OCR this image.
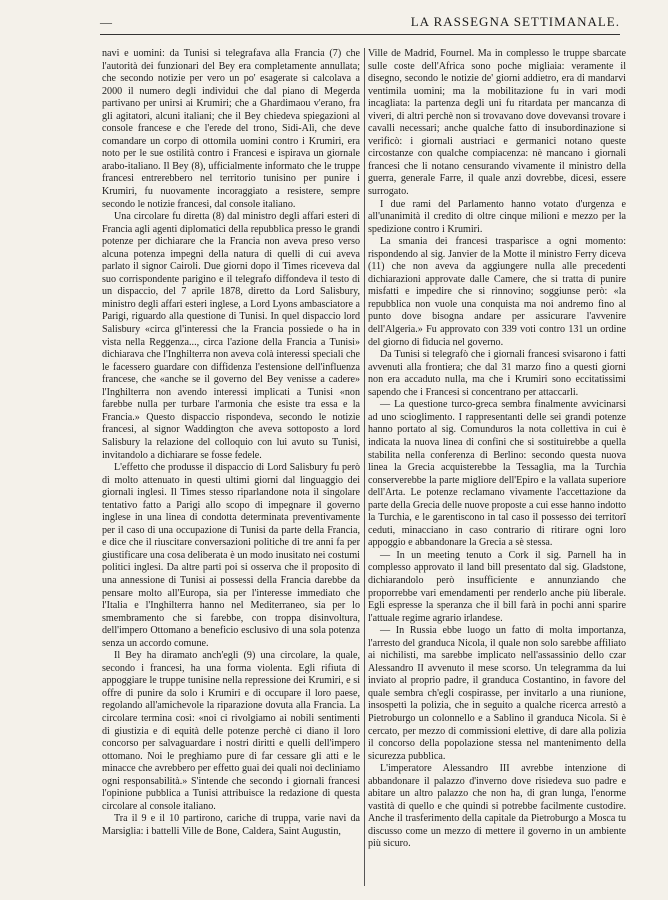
—	LA RASSEGNA SETTIMANALE.

navi e uomini: da Tunisi si telegrafava alla Francia (7) che l'autorità dei funzionari del Bey era completamente annullata; che secondo notizie per vero un po' esagerate si calcolava a 2000 il numero degli individui che dal piano di Megerda partivano per unirsi ai Krumiri; che a Ghardimaou v'erano, fra gli agitatori, alcuni italiani; che il Bey chiedeva spiegazioni al console francese e che l'erede del trono, Sidi-Alì, che deve comandare un corpo di ottomila uomini contro i Krumiri, era noto per le sue ostilità contro i Francesi e ispirava un giornale arabo-italiano. Il Bey (8), ufficialmente informato che le truppe francesi entrerebbero nel territorio tunisino per punire i Krumiri, fu nuovamente incoraggiato a resistere, sempre secondo le notizie francesi, dal console italiano.

Una circolare fu diretta (8) dal ministro degli affari esteri di Francia agli agenti diplomatici della repubblica presso le grandi potenze per dichiarare che la Francia non aveva preso verso alcuna potenza impegni della natura di quelli di cui aveva parlato il signor Cairoli. Due giorni dopo il Times riceveva dal suo corrispondente parigino e il telegrafo diffondeva il testo di un dispaccio, del 7 aprile 1878, diretto da Lord Salisbury, ministro degli affari esteri inglese, a Lord Lyons ambasciatore a Parigi, riguardo alla questione di Tunisi. In quel dispaccio lord Salisbury «circa gl'interessi che la Francia possiede o ha in vista nella Reggenza..., circa l'azione della Francia a Tunisi» dichiarava che l'Inghilterra non aveva colà interessi speciali che le facessero guardare con diffidenza l'estensione dell'influenza francese, che «anche se il governo del Bey venisse a cadere» l'Inghilterra non avendo interessi implicati a Tunisi «non farebbe nulla per turbare l'armonia che esiste tra essa e la Francia.» Questo dispaccio rispondeva, secondo le notizie francesi, al signor Waddington che aveva sottoposto a lord Salisbury la relazione del colloquio con lui avuto su Tunisi, invitandolo a dichiarare se fosse fedele.

L'effetto che produsse il dispaccio di Lord Salisbury fu però di molto attenuato in questi ultimi giorni dal linguaggio dei giornali inglesi. Il Times stesso riparlandone nota il singolare tentativo fatto a Parigi allo scopo di impegnare il governo inglese in una linea di condotta determinata preventivamente per il caso di una occupazione di Tunisi da parte della Francia, e dice che il riuscitare conversazioni politiche di tre anni fa per giustificare una cosa deliberata è un modo inusitato nei costumi politici inglesi. Da altre parti poi si osserva che il proposito di una annessione di Tunisi ai possessi della Francia darebbe da pensare molto all'Europa, sia per l'interesse immediato che l'Italia e l'Inghilterra hanno nel Mediterraneo, sia per lo smembramento che si farebbe, con troppa disinvoltura, dell'impero Ottomano a beneficio esclusivo di una sola potenza senza un accordo comune.

Il Bey ha diramato anch'egli (9) una circolare, la quale, secondo i francesi, ha una forma violenta. Egli rifiuta di appoggiare le truppe tunisine nella repressione dei Krumiri, e si offre di punire da solo i Krumiri e di occupare il loro paese, regolando all'amichevole la riparazione dovuta alla Francia. La circolare termina così: «noi ci rivolgiamo ai nobili sentimenti di giustizia e di equità delle potenze perchè ci diano il loro concorso per salvaguardare i nostri diritti e quelli dell'impero ottomano. Noi le preghiamo pure di far cessare gli atti e le minacce che avrebbero per effetto guai dei quali noi decliniamo ogni responsabilità.» S'intende che secondo i giornali francesi l'opinione pubblica a Tunisi attribuisce la redazione di questa circolare al console italiano.

Tra il 9 e il 10 partirono, cariche di truppa, varie navi da Marsiglia: i battelli Ville de Bone, Caldera, Saint Augustin,

Ville de Madrid, Fournel. Ma in complesso le truppe sbarcate sulle coste dell'Africa sono poche migliaia: veramente il disegno, secondo le notizie de' giorni addietro, era di mandarvi ventimila uomini; ma la mobilitazione fu in vari modi incagliata: la partenza degli uni fu ritardata per mancanza di viveri, di altri perchè non si trovavano dove dovevansi trovare i cavalli necessari; anche qualche fatto di insubordinazione si verificò: i giornali austriaci e germanici notano queste circostanze con qualche compiacenza: nè mancano i giornali francesi che li notano censurando vivamente il ministro della guerra, generale Farre, il quale anzi dovrebbe, dicesi, essere surrogato.

I due rami del Parlamento hanno votato d'urgenza e all'unanimità il credito di oltre cinque milioni e mezzo per la spedizione contro i Krumiri.

La smania dei francesi trasparisce a ogni momento: rispondendo al sig. Janvier de la Motte il ministro Ferry diceva (11) che non aveva da aggiungere nulla alle precedenti dichiarazioni approvate dalle Camere, che si tratta di punire misfatti e impedire che si rinnovino; soggiunse però: «la repubblica non vuole una conquista ma noi andremo fino al punto dove bisogna andare per assicurare l'avvenire dell'Algeria.» Fu approvato con 339 voti contro 131 un ordine del giorno di fiducia nel governo.

Da Tunisi si telegrafò che i giornali francesi svisarono i fatti avvenuti alla frontiera; che dal 31 marzo fino a questi giorni non era accaduto nulla, ma che i Krumiri sono eccitatissimi sapendo che i Francesi si concentrano per attaccarli.

— La questione turco-greca sembra finalmente avvicinarsi ad uno scioglimento. I rappresentanti delle sei grandi potenze hanno portato al sig. Comunduros la nota collettiva in cui è indicata la nuova linea di confini che si sostituirebbe a quella stabilita nella conferenza di Berlino: secondo questa nuova linea la Grecia acquisterebbe la Tessaglia, ma la Turchia conserverebbe la parte migliore dell'Epiro e la vallata superiore dell'Arta. Le potenze reclamano vivamente l'accettazione da parte della Grecia delle nuove proposte a cui esse hanno indotto la Turchia, e le garentiscono in tal caso il possesso dei territorî ceduti, minacciano in caso contrario di ritirare ogni loro appoggio e abbandonare la Grecia a sè stessa.

— In un meeting tenuto a Cork il sig. Parnell ha in complesso approvato il land bill presentato dal sig. Gladstone, dichiarandolo però insufficiente e annunziando che proporrebbe vari emendamenti per renderlo anche più liberale. Egli espresse la speranza che il bill farà in pochi anni sparire l'attuale regime agrario irlandese.

— In Russia ebbe luogo un fatto di molta importanza, l'arresto del granduca Nicola, il quale non solo sarebbe affiliato ai nichilisti, ma sarebbe implicato nell'assassinio dello czar Alessandro II avvenuto il mese scorso. Un telegramma da lui inviato al proprio padre, il granduca Costantino, in favore del quale sembra ch'egli cospirasse, per invitarlo a una riunione, insospettì la polizia, che in seguito a qualche ricerca arrestò a Pietroburgo un colonnello e a Sablino il granduca Nicola. Si è cercato, per mezzo di commissioni elettive, di dare alla polizia il concorso della popolazione stessa nel mantenimento della sicurezza pubblica.

L'imperatore Alessandro III avrebbe intenzione di abbandonare il palazzo d'inverno dove risiedeva suo padre e abitare un altro palazzo che non ha, di gran lunga, l'enorme vastità di quello e che quindi si potrebbe facilmente custodire. Anche il trasferimento della capitale da Pietroburgo a Mosca tu discusso come un mezzo di mettere il governo in un ambiente più sicuro.
